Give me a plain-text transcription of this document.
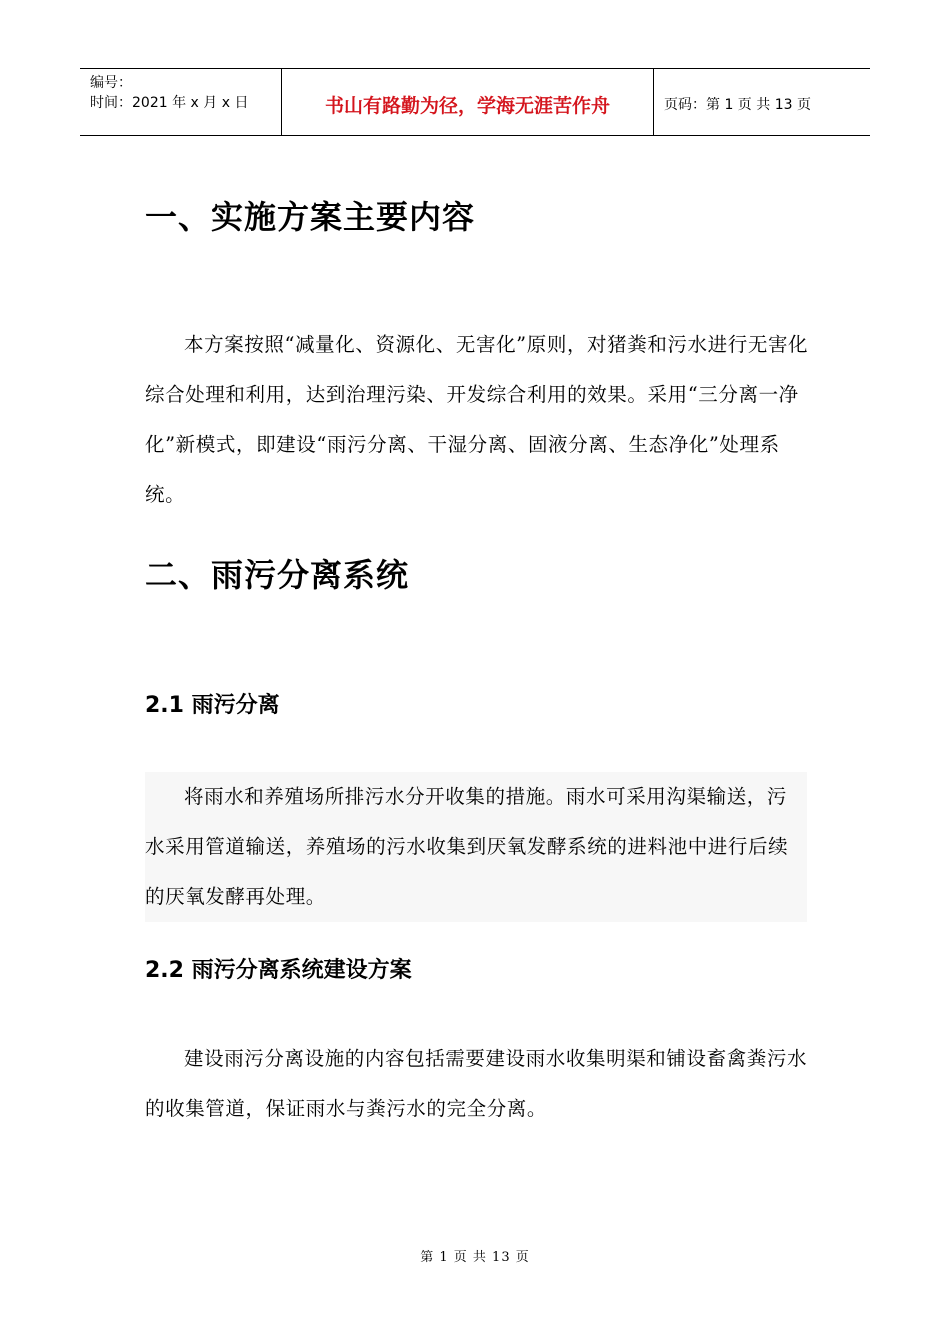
编号：
时间：2021 年 x 月 x 日	书山有路勤为径，学海无涯苦作舟	页码：第 1 页 共 13 页
一、实施方案主要内容

本方案按照“减量化、资源化、无害化”原则，对猪粪和污水进行无害化综合处理和利用，达到治理污染、开发综合利用的效果。采用“三分离一净化”新模式，即建设“雨污分离、干湿分离、固液分离、生态净化”处理系统。

二、雨污分离系统
2.1 雨污分离

将雨水和养殖场所排污水分开收集的措施。雨水可采用沟渠输送，污水采用管道输送，养殖场的污水收集到厌氧发酵系统的进料池中进行后续的厌氧发酵再处理。

2.2 雨污分离系统建设方案

建设雨污分离设施的内容包括需要建设雨水收集明渠和铺设畜禽粪污水的收集管道，保证雨水与粪污水的完全分离。

第 1 页 共 13 页
